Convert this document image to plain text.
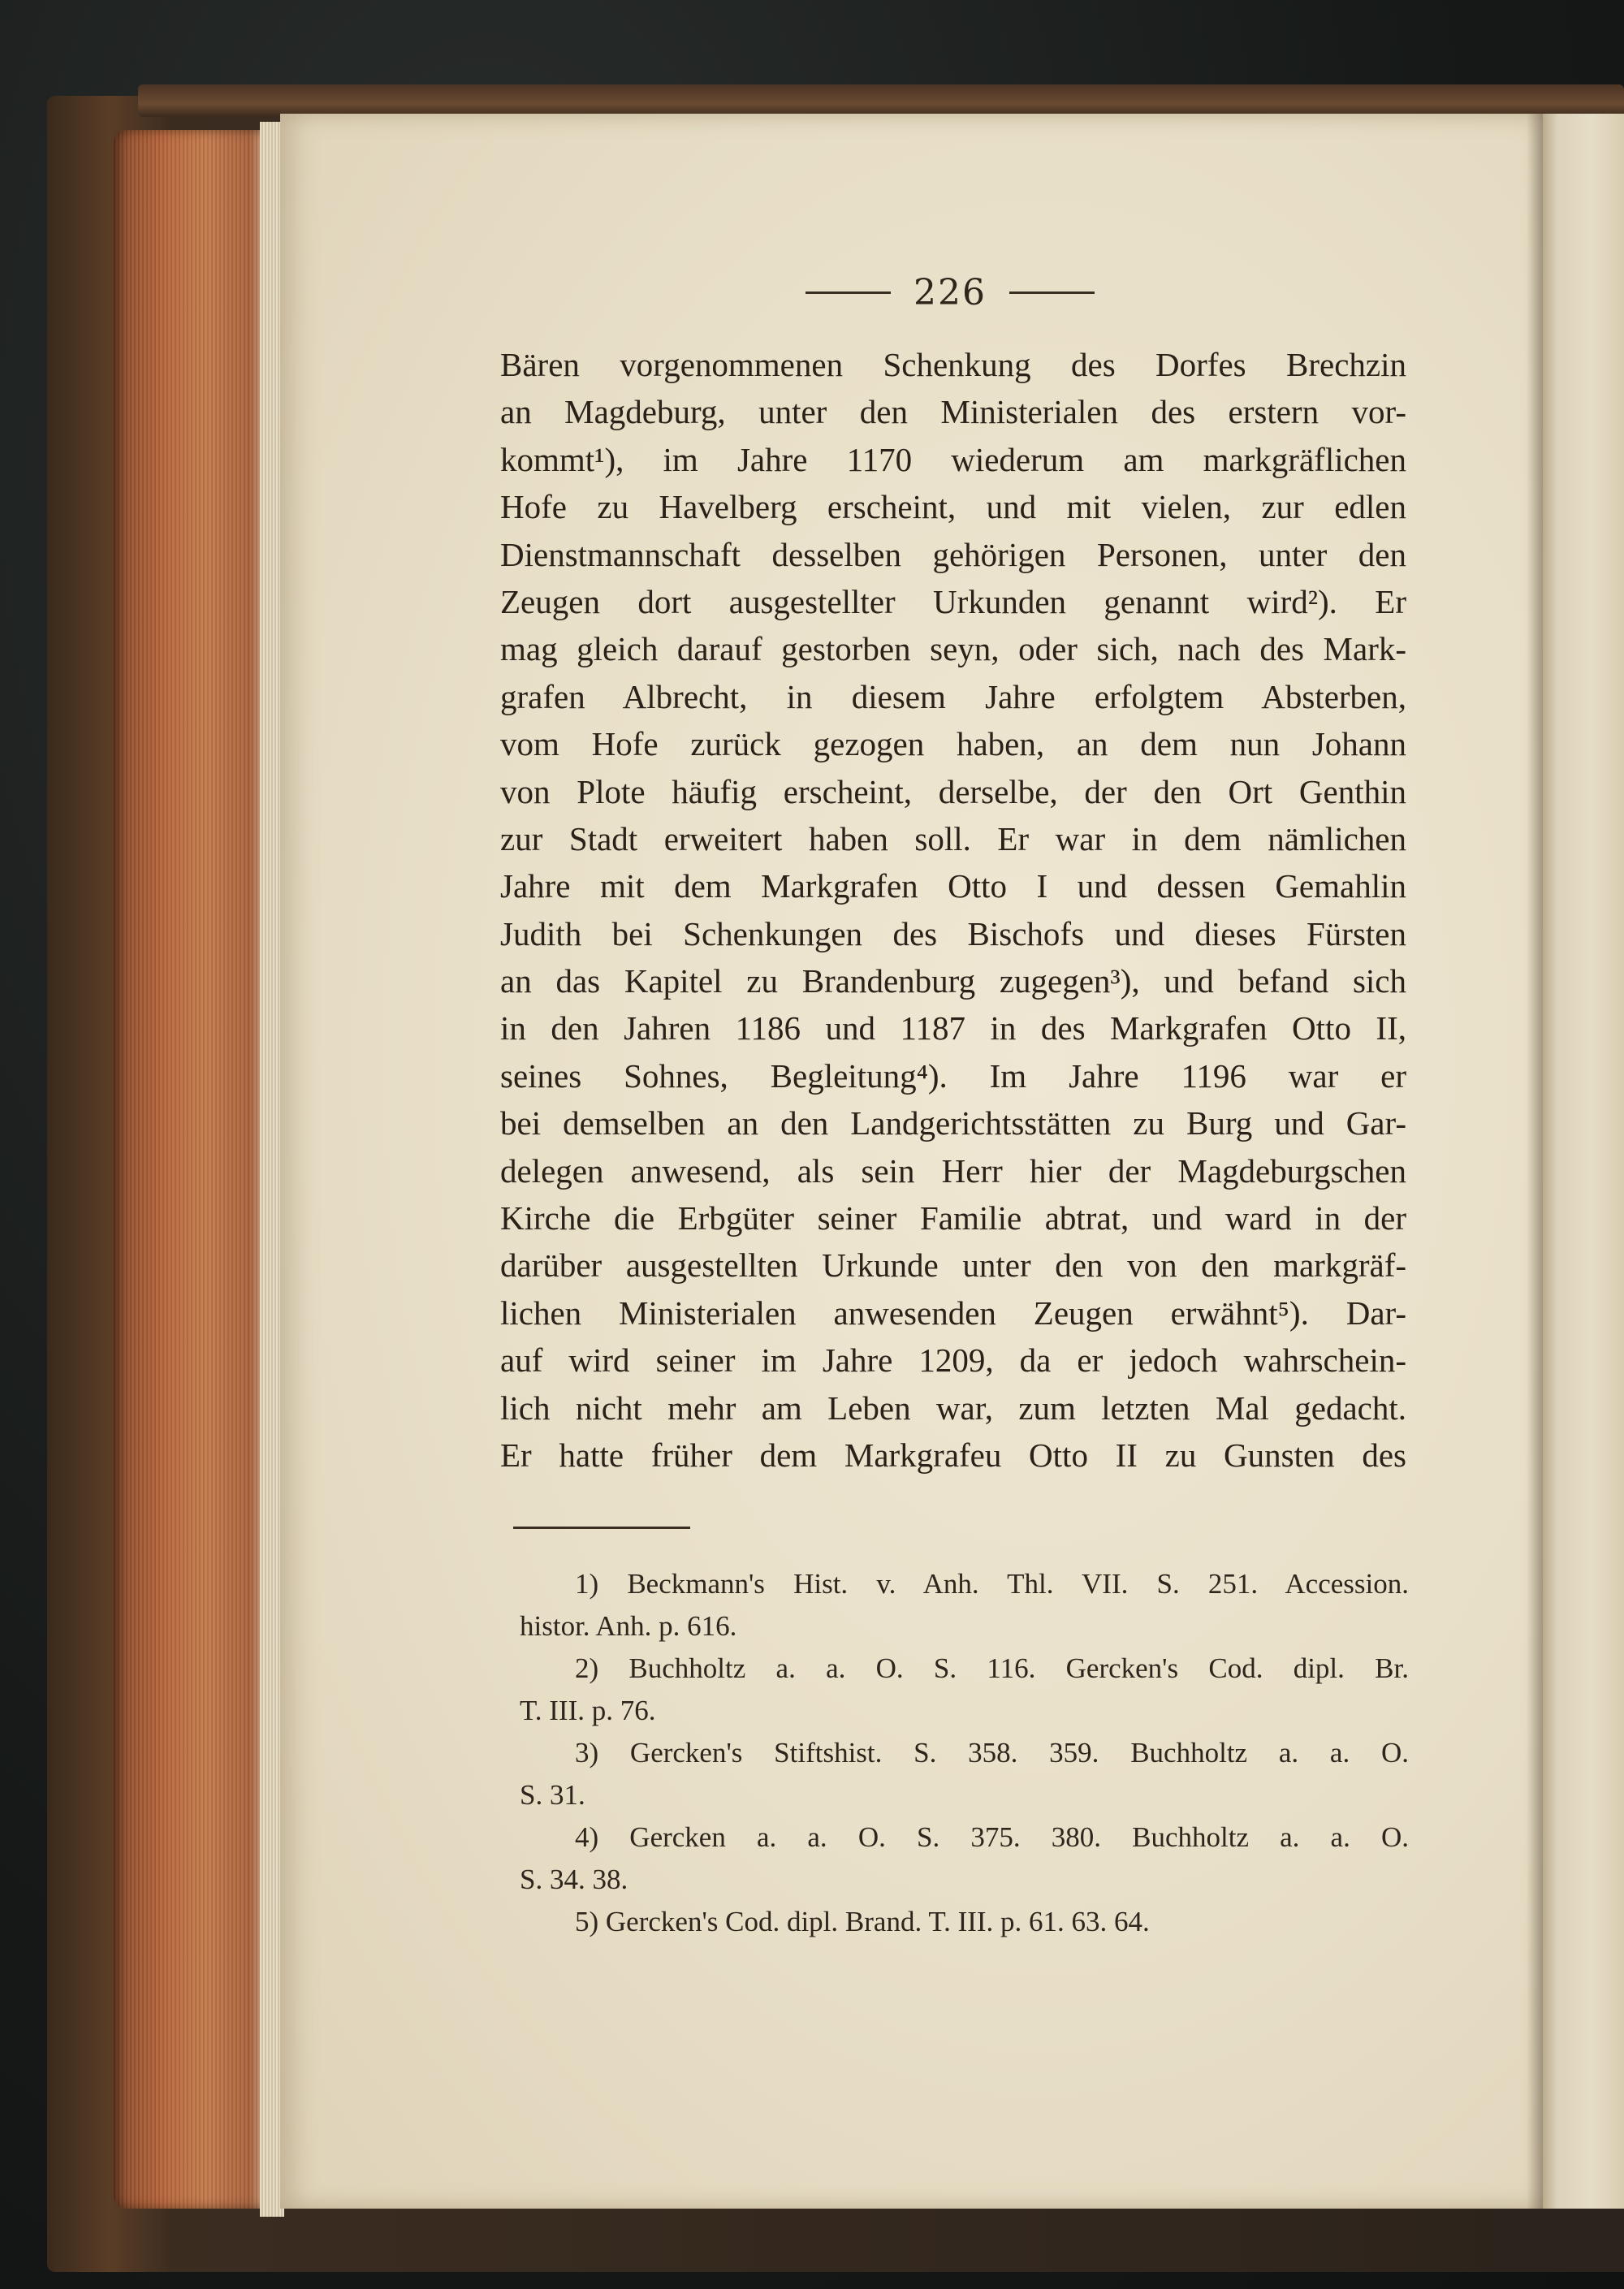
226
Bären vorgenommenen Schenkung des Dorfes Brechzin
an Magdeburg, unter den Ministerialen des erstern vor-
kommt¹), im Jahre 1170 wiederum am markgräflichen
Hofe zu Havelberg erscheint, und mit vielen, zur edlen
Dienstmannschaft desselben gehörigen Personen, unter den
Zeugen dort ausgestellter Urkunden genannt wird²). Er
mag gleich darauf gestorben seyn, oder sich, nach des Mark-
grafen Albrecht, in diesem Jahre erfolgtem Absterben,
vom Hofe zurück gezogen haben, an dem nun Johann
von Plote häufig erscheint, derselbe, der den Ort Genthin
zur Stadt erweitert haben soll. Er war in dem nämlichen
Jahre mit dem Markgrafen Otto I und dessen Gemahlin
Judith bei Schenkungen des Bischofs und dieses Fürsten
an das Kapitel zu Brandenburg zugegen³), und befand sich
in den Jahren 1186 und 1187 in des Markgrafen Otto II,
seines Sohnes, Begleitung⁴). Im Jahre 1196 war er
bei demselben an den Landgerichtsstätten zu Burg und Gar-
delegen anwesend, als sein Herr hier der Magdeburgschen
Kirche die Erbgüter seiner Familie abtrat, und ward in der
darüber ausgestellten Urkunde unter den von den markgräf-
lichen Ministerialen anwesenden Zeugen erwähnt⁵). Dar-
auf wird seiner im Jahre 1209, da er jedoch wahrschein-
lich nicht mehr am Leben war, zum letzten Mal gedacht.
Er hatte früher dem Markgrafeu Otto II zu Gunsten des
1) Beckmann's Hist. v. Anh. Thl. VII. S. 251. Accession.
histor. Anh. p. 616.
2) Buchholtz a. a. O. S. 116. Gercken's Cod. dipl. Br.
T. III. p. 76.
3) Gercken's Stiftshist. S. 358. 359. Buchholtz a. a. O.
S. 31.
4) Gercken a. a. O. S. 375. 380. Buchholtz a. a. O.
S. 34. 38.
5) Gercken's Cod. dipl. Brand. T. III. p. 61. 63. 64.
